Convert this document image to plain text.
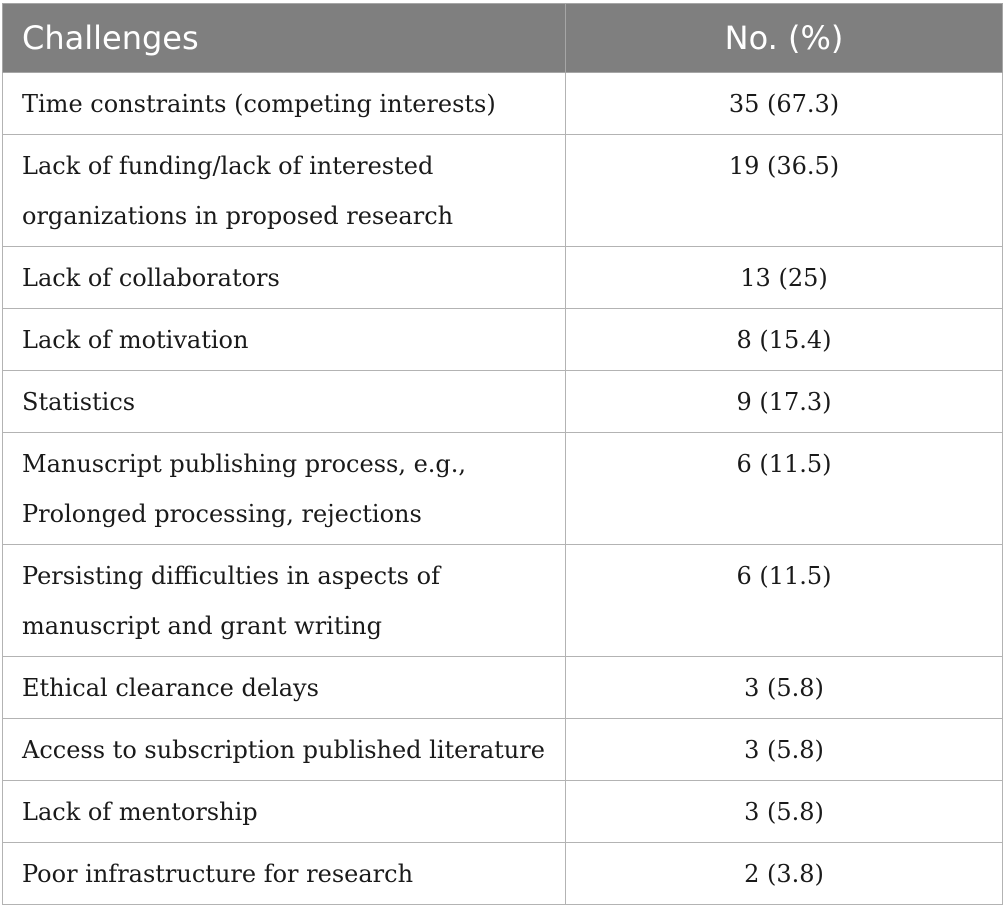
Challenges	No. (%)
Time constraints (competing interests)	35 (67.3)
Lack of funding/lack of interested organizations in proposed research	19 (36.5)
Lack of collaborators	13 (25)
Lack of motivation	8 (15.4)
Statistics	9 (17.3)
Manuscript publishing process, e.g., Prolonged processing, rejections	6 (11.5)
Persisting difficulties in aspects of manuscript and grant writing	6 (11.5)
Ethical clearance delays	3 (5.8)
Access to subscription published literature	3 (5.8)
Lack of mentorship	3 (5.8)
Poor infrastructure for research	2 (3.8)
